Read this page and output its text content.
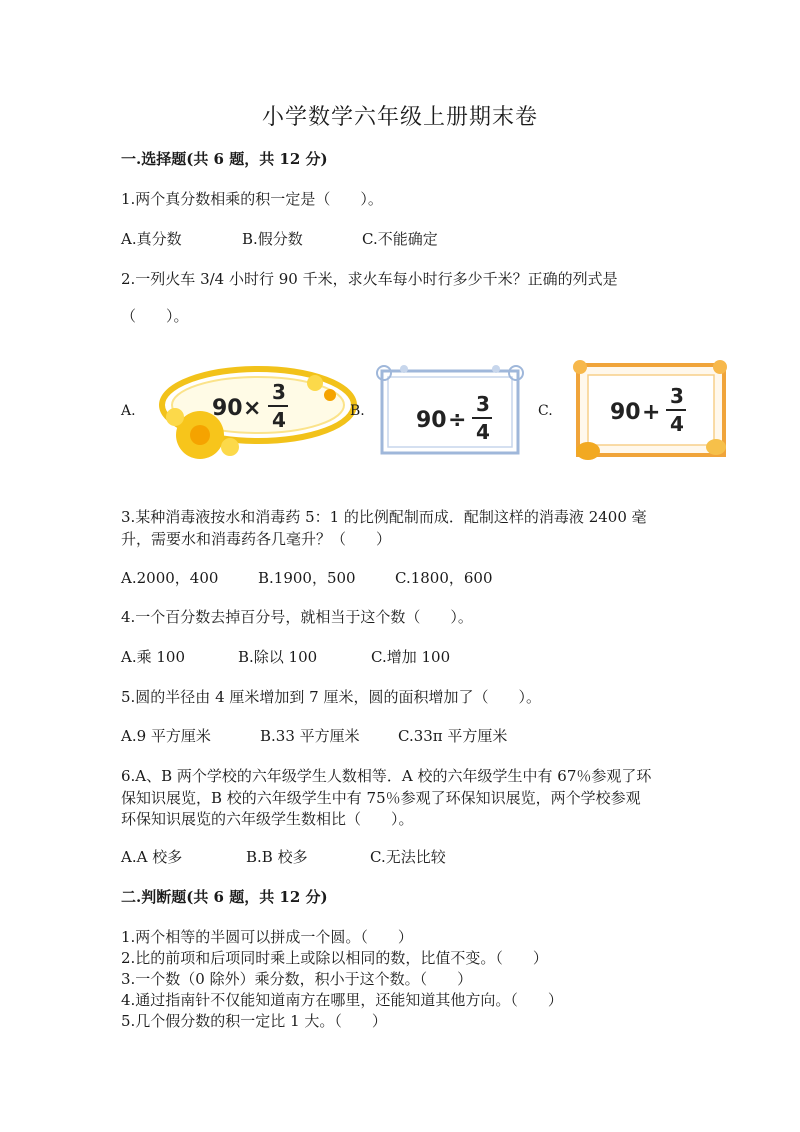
小学数学六年级上册期末卷
一.选择题(共 6 题，共 12 分)
1.两个真分数相乘的积一定是（　　）。
A.真分数	B.假分数	C.不能确定
2.一列火车 3/4 小时行 90 千米，求火车每小时行多少千米？正确的列式是
（　　）。
A.	90 ×
3
4	B. 90 ÷
3
4
C.	90 +
3
4
3.某种消毒液按水和消毒药 5：1 的比例配制而成．配制这样的消毒液 2400 毫
升，需要水和消毒药各几毫升？（　　）
A.2000，400	B.1900，500	C.1800，600
4.一个百分数去掉百分号，就相当于这个数（　　）。
A.乘 100	B.除以 100	C.增加 100
5.圆的半径由 4 厘米增加到 7 厘米，圆的面积增加了（　　）。
A.9 平方厘米	B.33 平方厘米	C.33π 平方厘米
6.A、B 两个学校的六年级学生人数相等．A 校的六年级学生中有 67％参观了环
保知识展览，B 校的六年级学生中有 75％参观了环保知识展览，两个学校参观
环保知识展览的六年级学生数相比（　　）。
A.A 校多	B.B 校多	C.无法比较
二.判断题(共 6 题，共 12 分)
1.两个相等的半圆可以拼成一个圆。（　　）
2.比的前项和后项同时乘上或除以相同的数，比值不变。（　　）
3.一个数（0 除外）乘分数，积小于这个数。（　　）
4.通过指南针不仅能知道南方在哪里，还能知道其他方向。（　　）
5.几个假分数的积一定比 1 大。（　　）
